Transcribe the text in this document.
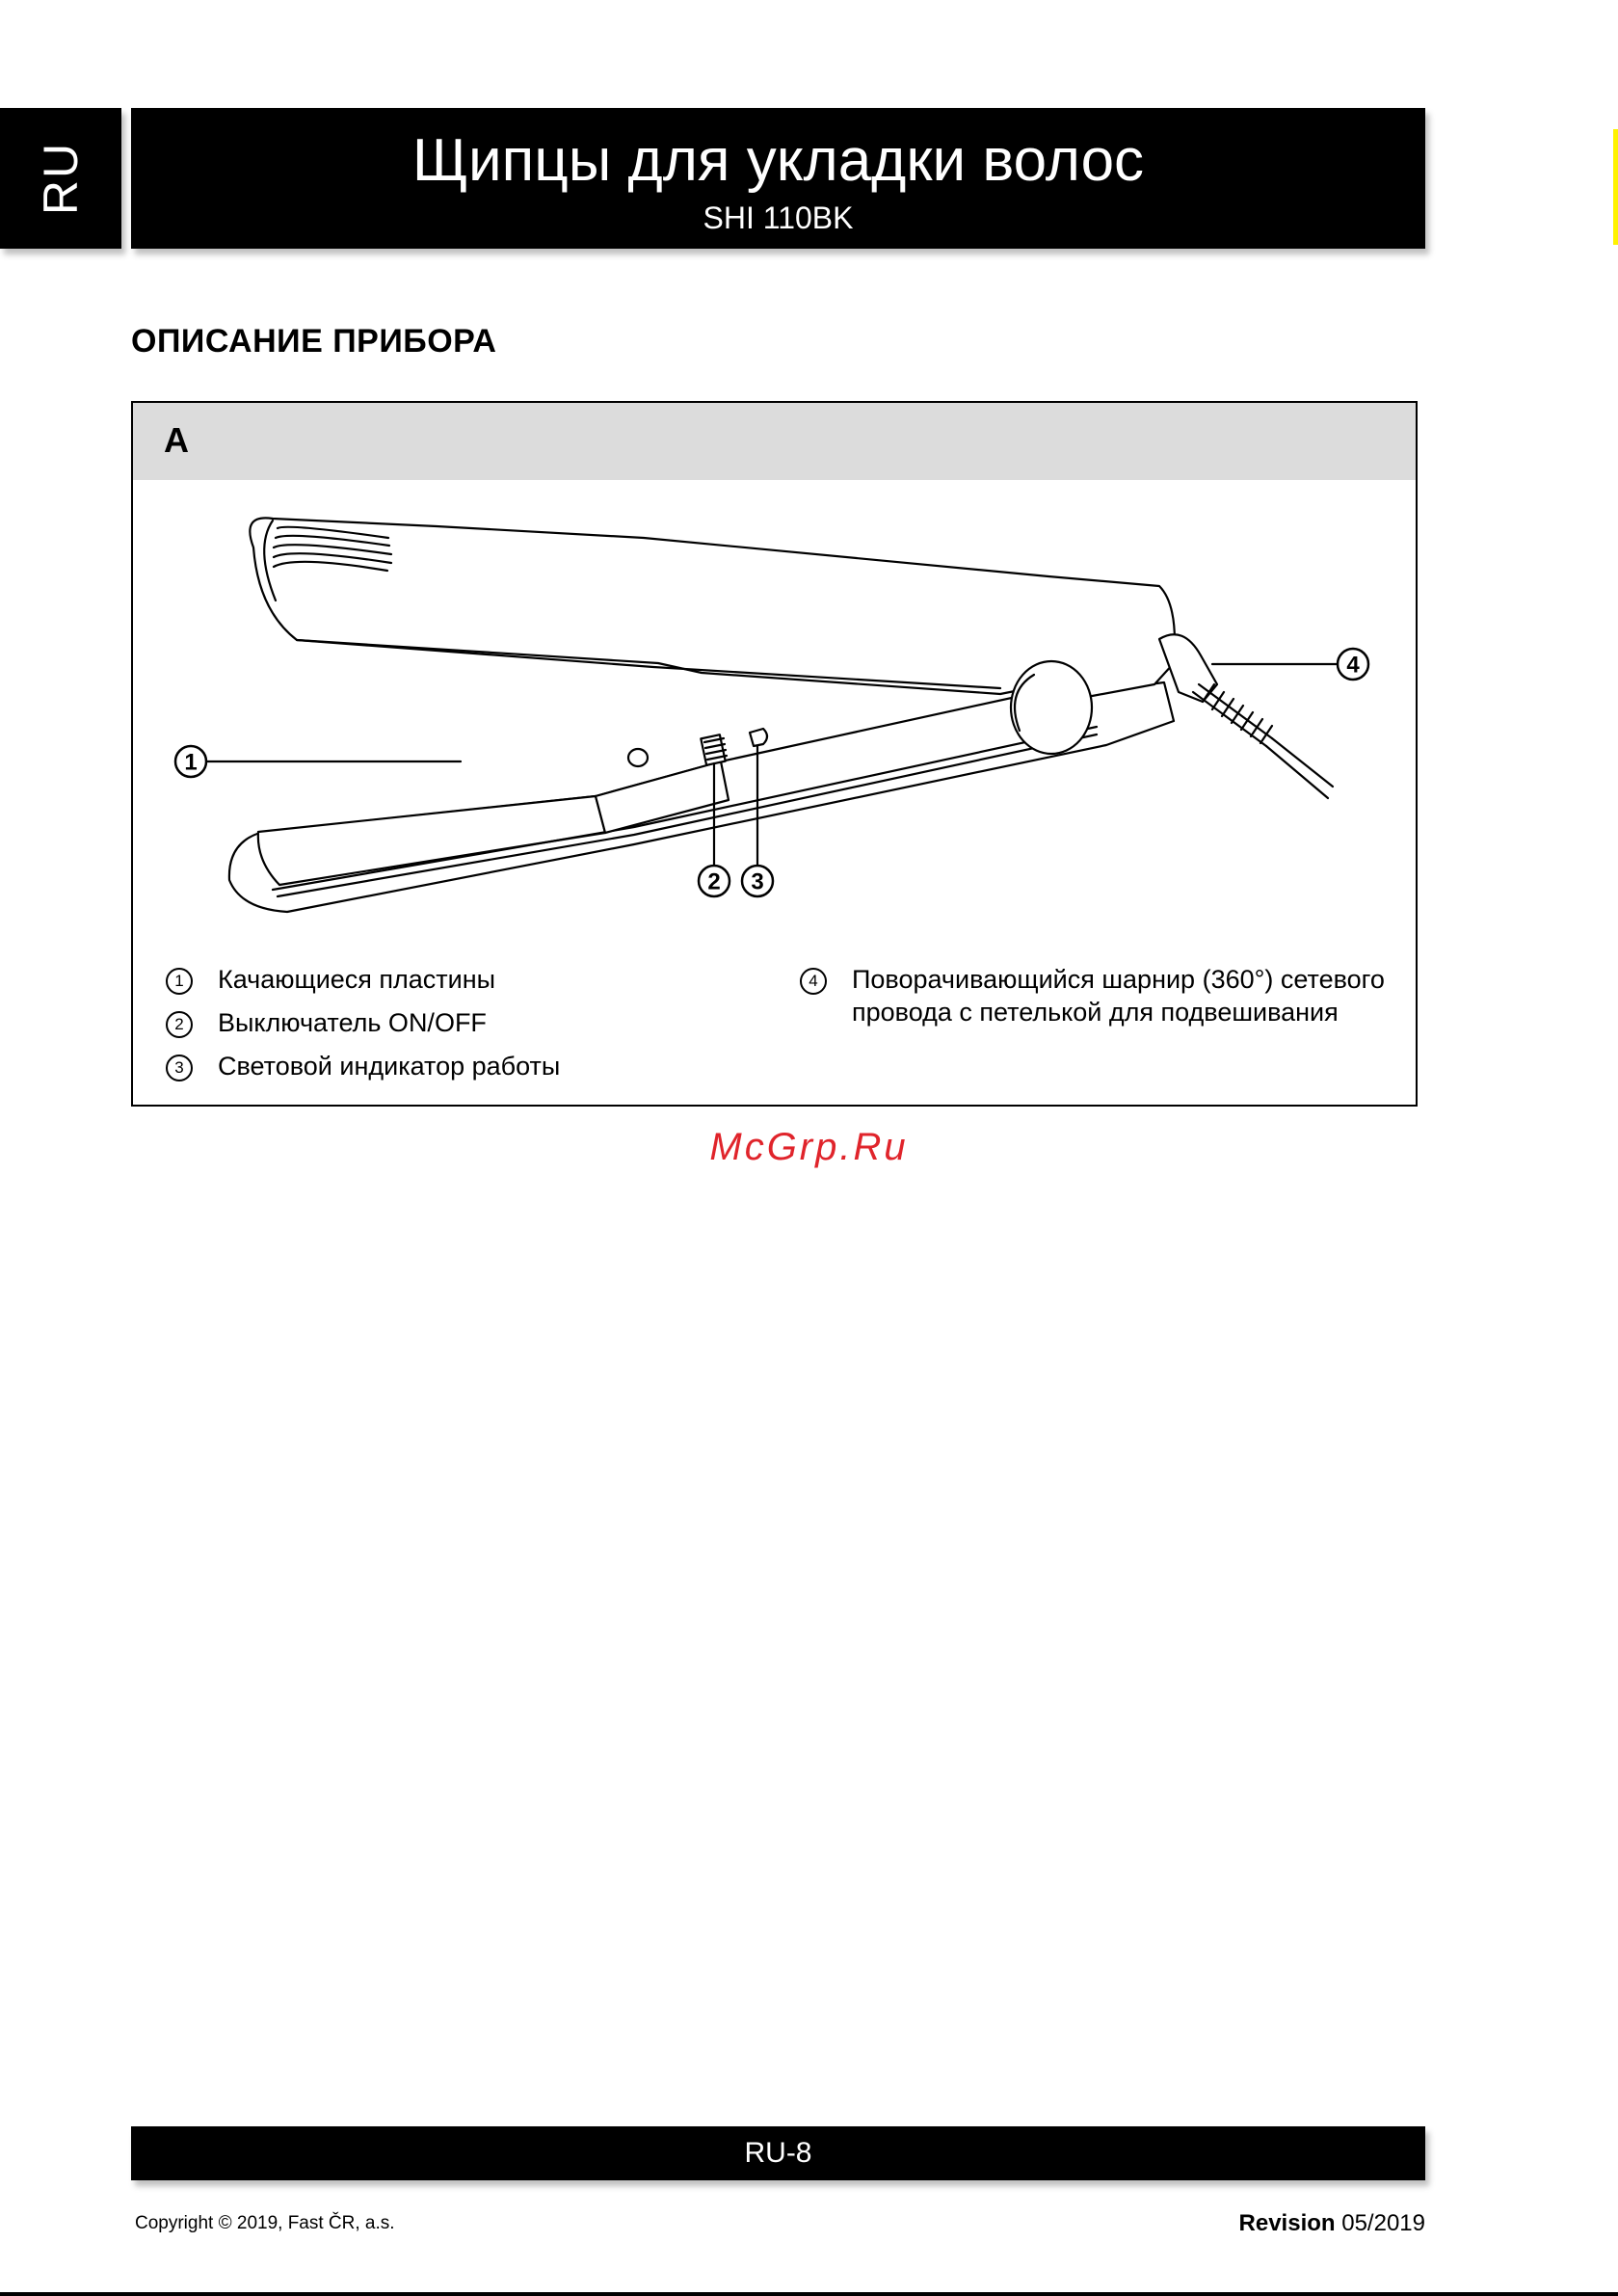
RU	Щипцы для укладки волос
SHI 110BK
ОПИСАНИЕ ПРИБОРА
A
1
2 3
4
1	Качающиеся пластины
2	Выключатель ON/OFF
3	Световой индикатор работы
4	Поворачивающийся шарнир (360°) сетевого провода с петелькой для подвешивания
McGrp.Ru
RU-8
Copyright © 2019, Fast ČR, a.s.	Revision 05/2019
